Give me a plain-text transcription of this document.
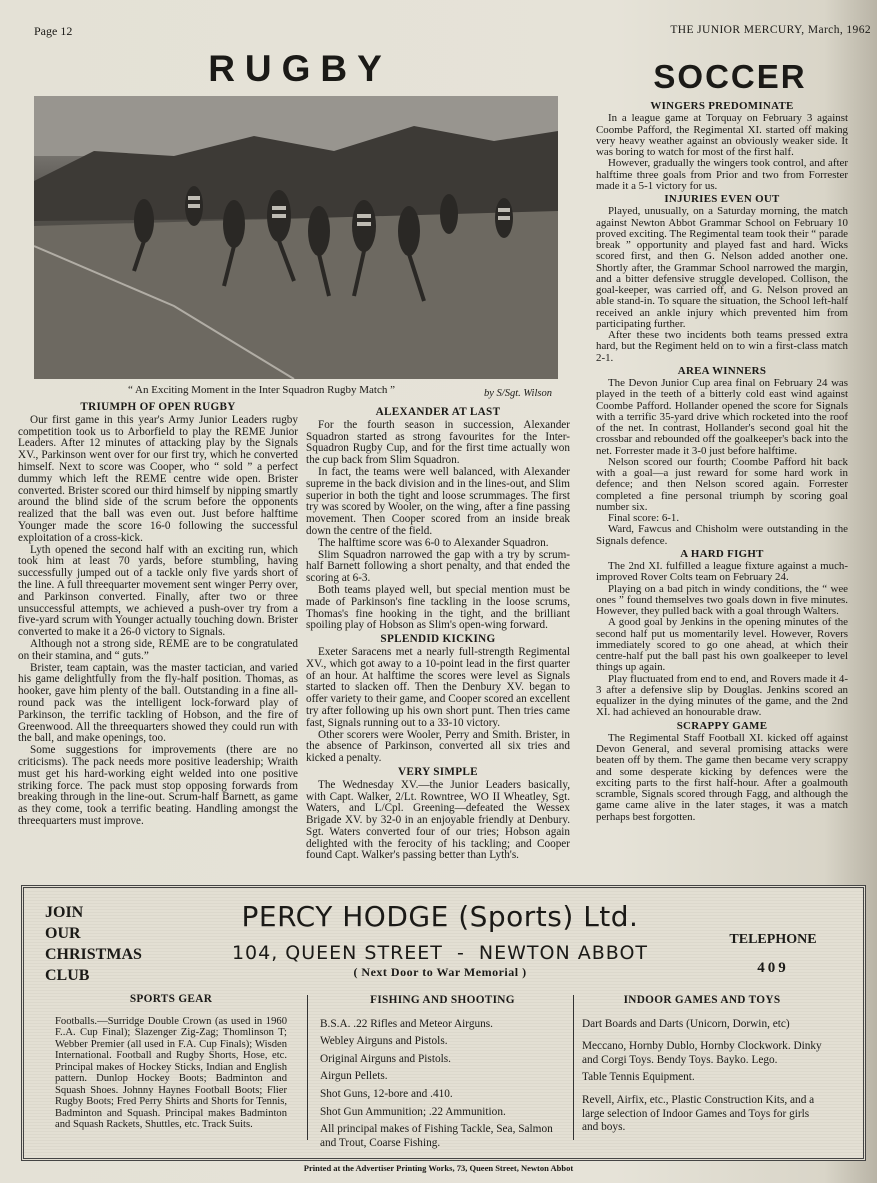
Page 12	THE JUNIOR MERCURY, March, 1962
RUGBY
“ An Exciting Moment in the Inter Squadron Rugby Match ”	by S/Sgt. Wilson
TRIUMPH OF OPEN RUGBY

Our first game in this year's Army Junior Leaders rugby competition took us to Arborfield to play the REME Junior Leaders. After 12 minutes of attacking play by the Signals XV., Parkinson went over for our first try, which he converted himself. Next to score was Cooper, who “ sold ” a perfect dummy which left the REME centre wide open. Brister converted. Brister scored our third himself by nipping smartly around the blind side of the scrum before the opponents realized that the ball was even out. Just before halftime Younger made the score 16-0 following the successful exploitation of a cross-kick.

Lyth opened the second half with an exciting run, which took him at least 70 yards, before stumbling, having successfully jumped out of a tackle only five yards short of the line. A full threequarter movement sent winger Perry over, and Parkinson converted. Finally, after two or three unsuccessful attempts, we achieved a push-over try from a five-yard scrum with Younger actually touching down. Brister converted to make it a 26-0 victory to Signals.

Although not a strong side, REME are to be congratulated on their stamina, and “ guts.”

Brister, team captain, was the master tactician, and varied his game delightfully from the fly-half position. Thomas, as hooker, gave him plenty of the ball. Outstanding in a fine all-round pack was the intelligent lock-forward play of Parkinson, the terrific tackling of Hobson, and the fire of Greenwood. All the threequarters showed they could run with the ball, and make openings, too.

Some suggestions for improvements (there are no criticisms). The pack needs more positive leadership; Wraith must get his hard-working eight welded into one positive striking force. The pack must stop opposing forwards from breaking through in the line-out. Scrum-half Barnett, as game as they come, took a terrific beating. Handling amongst the threequarters must improve.

ALEXANDER AT LAST

For the fourth season in succession, Alexander Squadron started as strong favourites for the Inter-Squadron Rugby Cup, and for the first time actually won the cup back from Slim Squadron.

In fact, the teams were well balanced, with Alexander supreme in the back division and in the lines-out, and Slim superior in both the tight and loose scrummages. The first try was scored by Wooler, on the wing, after a fine passing movement. Then Cooper scored from an inside break down the centre of the field.

The halftime score was 6-0 to Alexander Squadron.

Slim Squadron narrowed the gap with a try by scrum-half Barnett following a short penalty, and that ended the scoring at 6-3.

Both teams played well, but special mention must be made of Parkinson's fine tackling in the loose scrums, Thomas's fine hooking in the tight, and the brilliant spoiling play of Hobson as Slim's open-wing forward.

SPLENDID KICKING

Exeter Saracens met a nearly full-strength Regimental XV., which got away to a 10-point lead in the first quarter of an hour. At halftime the scores were level as Signals started to slacken off. Then the Denbury XV. began to offer variety to their game, and Cooper scored an excellent try after following up his own short punt. Then tries came fast, Signals running out to a 33-10 victory.

Other scorers were Wooler, Perry and Smith. Brister, in the absence of Parkinson, converted all six tries and kicked a penalty.

VERY SIMPLE

The Wednesday XV.—the Junior Leaders basically, with Capt. Walker, 2/Lt. Rowntree, WO II Wheatley, Sgt. Waters, and L/Cpl. Greening—defeated the Wessex Brigade XV. by 32-0 in an enjoyable friendly at Denbury. Sgt. Waters converted four of our tries; Hobson again delighted with the ferocity of his tackling; and Cooper found Capt. Walker's passing better than Lyth's.

SOCCER
WINGERS PREDOMINATE

In a league game at Torquay on February 3 against Coombe Pafford, the Regimental XI. started off making very heavy weather against an obviously weaker side. It was boring to watch for most of the first half.

However, gradually the wingers took control, and after halftime three goals from Prior and two from Forrester made it a 5-1 victory for us.

INJURIES EVEN OUT

Played, unusually, on a Saturday morning, the match against Newton Abbot Grammar School on February 10 proved exciting. The Regimental team took their “ parade break ” opportunity and played fast and hard. Wicks scored first, and then G. Nelson added another one. Shortly after, the Grammar School narrowed the margin, and a bitter defensive struggle developed. Collison, the goal-keeper, was carried off, and G. Nelson proved an able stand-in. To square the situation, the School left-half received an ankle injury which prevented him from participating further.

After these two incidents both teams pressed extra hard, but the Regiment held on to win a first-class match 2-1.

AREA WINNERS

The Devon Junior Cup area final on February 24 was played in the teeth of a bitterly cold east wind against Coombe Pafford. Hollander opened the score for Signals with a terrific 35-yard drive which rocketed into the roof of the net. In contrast, Hollander's second goal hit the crossbar and rebounded off the goalkeeper's back into the net. Forrester made it 3-0 just before halftime.

Nelson scored our fourth; Coombe Pafford hit back with a goal—a just reward for some hard work in defence; and then Nelson scored again. Forrester completed a fine personal triumph by scoring goal number six.

Final score: 6-1.

Ward, Fawcus and Chisholm were outstanding in the Signals defence.

A HARD FIGHT

The 2nd XI. fulfilled a league fixture against a much-improved Rover Colts team on February 24.

Playing on a bad pitch in windy conditions, the “ wee ones ” found themselves two goals down in five minutes. However, they pulled back with a goal through Walters.

A good goal by Jenkins in the opening minutes of the second half put us momentarily level. However, Rovers immediately scored to go one ahead, at which their centre-half put the ball past his own goalkeeper to level things up again.

Play fluctuated from end to end, and Rovers made it 4-3 after a defensive slip by Douglas. Jenkins scored an equalizer in the dying minutes of the game, and the 2nd XI. had achieved an honourable draw.

SCRAPPY GAME

The Regimental Staff Football XI. kicked off against Devon General, and several promising attacks were beaten off by them. The game then became very scrappy and some desperate kicking by defences were the exciting parts to the first half-hour. After a goalmouth scramble, Signals scored through Fagg, and although the game came alive in the later stages, it was a match perhaps best forgotten.

JOIN
OUR
CHRISTMAS
CLUB
PERCY HODGE (Sports) Ltd.
104, QUEEN STREET  -  NEWTON ABBOT
( Next Door to War Memorial )
TELEPHONE
409
SPORTS GEAR

Footballs.—Surridge Double Crown (as used in 1960 F..A. Cup Final); Slazenger Zig-Zag; Thomlinson T; Webber Premier (all used in F.A. Cup Finals); Wisden International. Football and Rugby Shorts, Hose, etc. Principal makes of Hockey Sticks, Indian and English pattern. Dunlop Hockey Boots; Badminton and Squash Shoes. Johnny Haynes Football Boots; Flier Rugby Boots; Fred Perry Shirts and Shorts for Tennis, Badminton and Squash. Principal makes Badminton and Squash Rackets, Shuttles, etc. Track Suits.

FISHING AND SHOOTING

B.S.A. .22 Rifles and Meteor Airguns.

Webley Airguns and Pistols.

Original Airguns and Pistols.

Airgun Pellets.

Shot Guns, 12-bore and .410.

Shot Gun Ammunition; .22 Ammunition.

All principal makes of Fishing Tackle, Sea, Salmon and Trout, Coarse Fishing.

INDOOR GAMES AND TOYS

Dart Boards and Darts (Unicorn, Dorwin, etc)

Meccano, Hornby Dublo, Hornby Clockwork. Dinky and Corgi Toys. Bendy Toys. Bayko. Lego.

Table Tennis Equipment.

Revell, Airfix, etc., Plastic Construction Kits, and a large selection of Indoor Games and Toys for girls and boys.

Printed at the Advertiser Printing Works, 73, Queen Street, Newton Abbot
